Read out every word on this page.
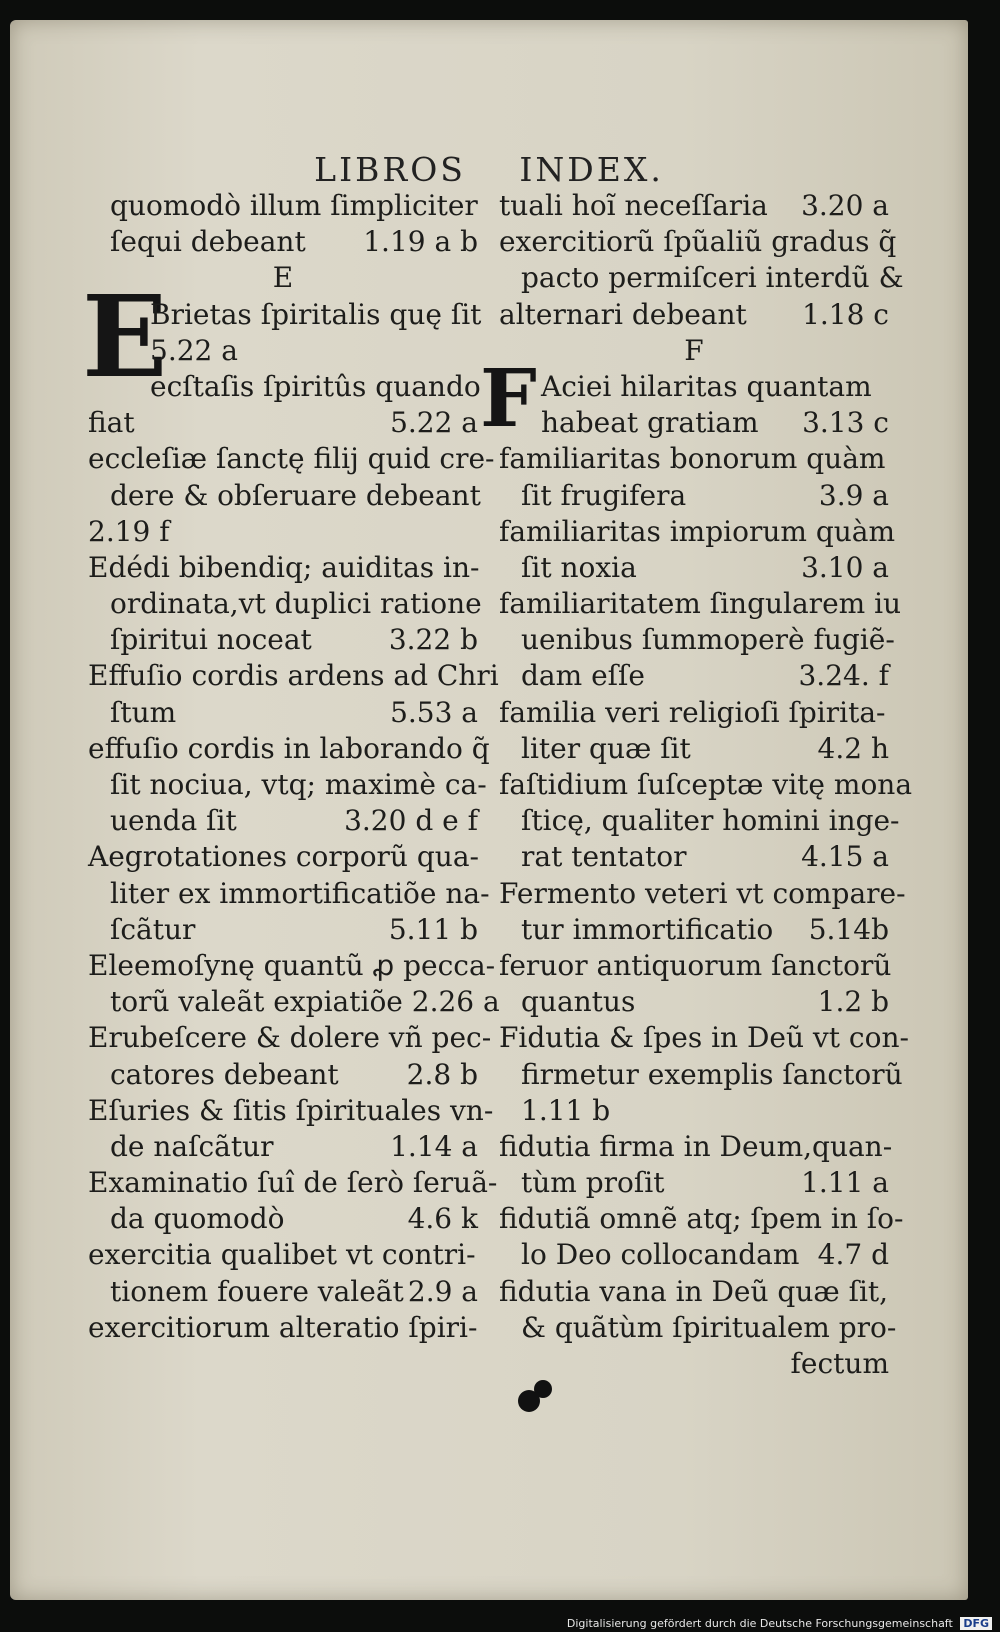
LIBROS INDEX.
E	F
quomodò illum ſimpliciter
ſequi debeant 1.19 a b
E
Brietas ſpiritalis quę ſit
5.22 a
ecſtaſis ſpiritûs quando
fiat	5.22 a
eccleſiæ ſanctę filij quid cre-
dere & obſeruare debeant
2.19 f
Edédi bibendiq; auiditas in-
ordinata,vt duplici ratione
ſpiritui noceat	3.22 b
Effuſio cordis ardens ad Chri
ſtum	5.53 a
effuſio cordis in laborando q̃
ſit nociua, vtq; maximè ca-
uenda ſit	3.20 d e f
Aegrotationes corporũ qua-
liter ex immortificatiõe na-
ſcãtur	5.11 b
Eleemoſynę quantũ ꝓ pecca-
torũ valeãt expiatiõe 2.26 a
Erubeſcere & dolere vñ pec-
catores debeant 2.8 b
Eſuries & ſitis ſpirituales vn-
de naſcãtur	1.14 a
Examinatio ſuî de ſerò ſeruã-
da quomodò	4.6 k
exercitia qualibet vt contri-
tionem fouere valeãt 2.9 a
exercitiorum alteratio ſpiri-
tuali hoĩ neceſſaria 3.20 a
exercitiorũ ſpũaliũ gradus q̃
pacto permiſceri interdũ &
alternari debeant 1.18 c
F
Aciei hilaritas quantam
habeat gratiam 3.13 c
familiaritas bonorum quàm
ſit frugifera	3.9 a
familiaritas impiorum quàm
ſit noxia	3.10 a
familiaritatem ſingularem iu
uenibus ſummoperè fugiẽ-
dam eſſe	3.24. f
familia veri religioſi ſpirita-
liter quæ ſit	4.2 h
faſtidium ſuſceptæ vitę mona
ſticę, qualiter homini inge-
rat tentator	4.15 a
Fermento veteri vt compare-
tur immortificatio 5.14b
feruor antiquorum ſanctorũ
quantus	1.2 b
Fidutia & ſpes in Deũ vt con-
firmetur exemplis ſanctorũ
1.11 b
fidutia firma in Deum,quan-
tùm proſit	1.11 a
fidutiã omnẽ atq; ſpem in ſo-
lo Deo collocandam 4.7 d
fidutia vana in Deũ quæ ſit,
& quãtùm ſpiritualem pro-
fectum
Digitalisierung gefördert durch die Deutsche Forschungsgemeinschaft DFG
